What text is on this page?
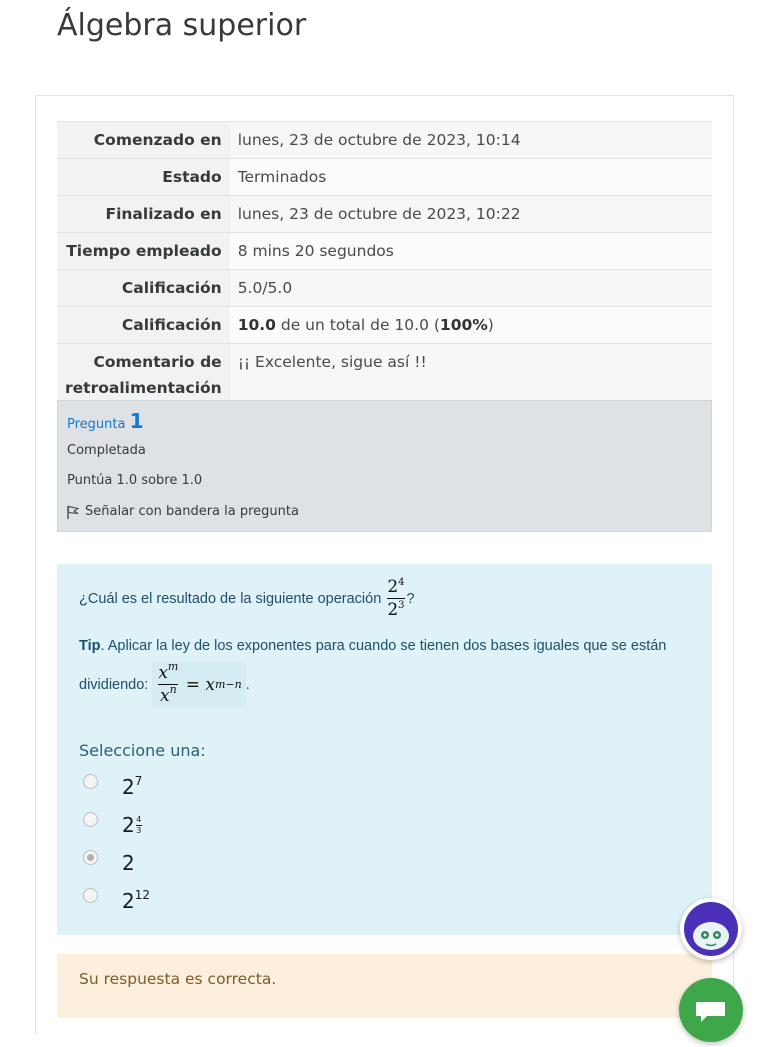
Álgebra superior
Comenzado en	lunes, 23 de octubre de 2023, 10:14
Estado	Terminados
Finalizado en	lunes, 23 de octubre de 2023, 10:22
Tiempo empleado	8 mins 20 segundos
Calificación	5.0/5.0
Calificación	10.0 de un total de 10.0 (100%)
Comentario de retroalimentación	¡¡ Excelente, sigue así !!
Pregunta 1
Completada
Puntúa 1.0 sobre 1.0
Señalar con bandera la pregunta
¿Cuál es el resultado de la siguiente operación
$\frac{2^4}{2^3}$ ?
Tip. Aplicar la ley de los exponentes para cuando se tienen dos bases iguales que se están
dividiendo: $\frac{x^m}{x^n}$
=
x m−n .
Seleccione una:
$2^7$
$2 \frac{4}{3}$
2
$2^{12}$
Su respuesta es correcta.
